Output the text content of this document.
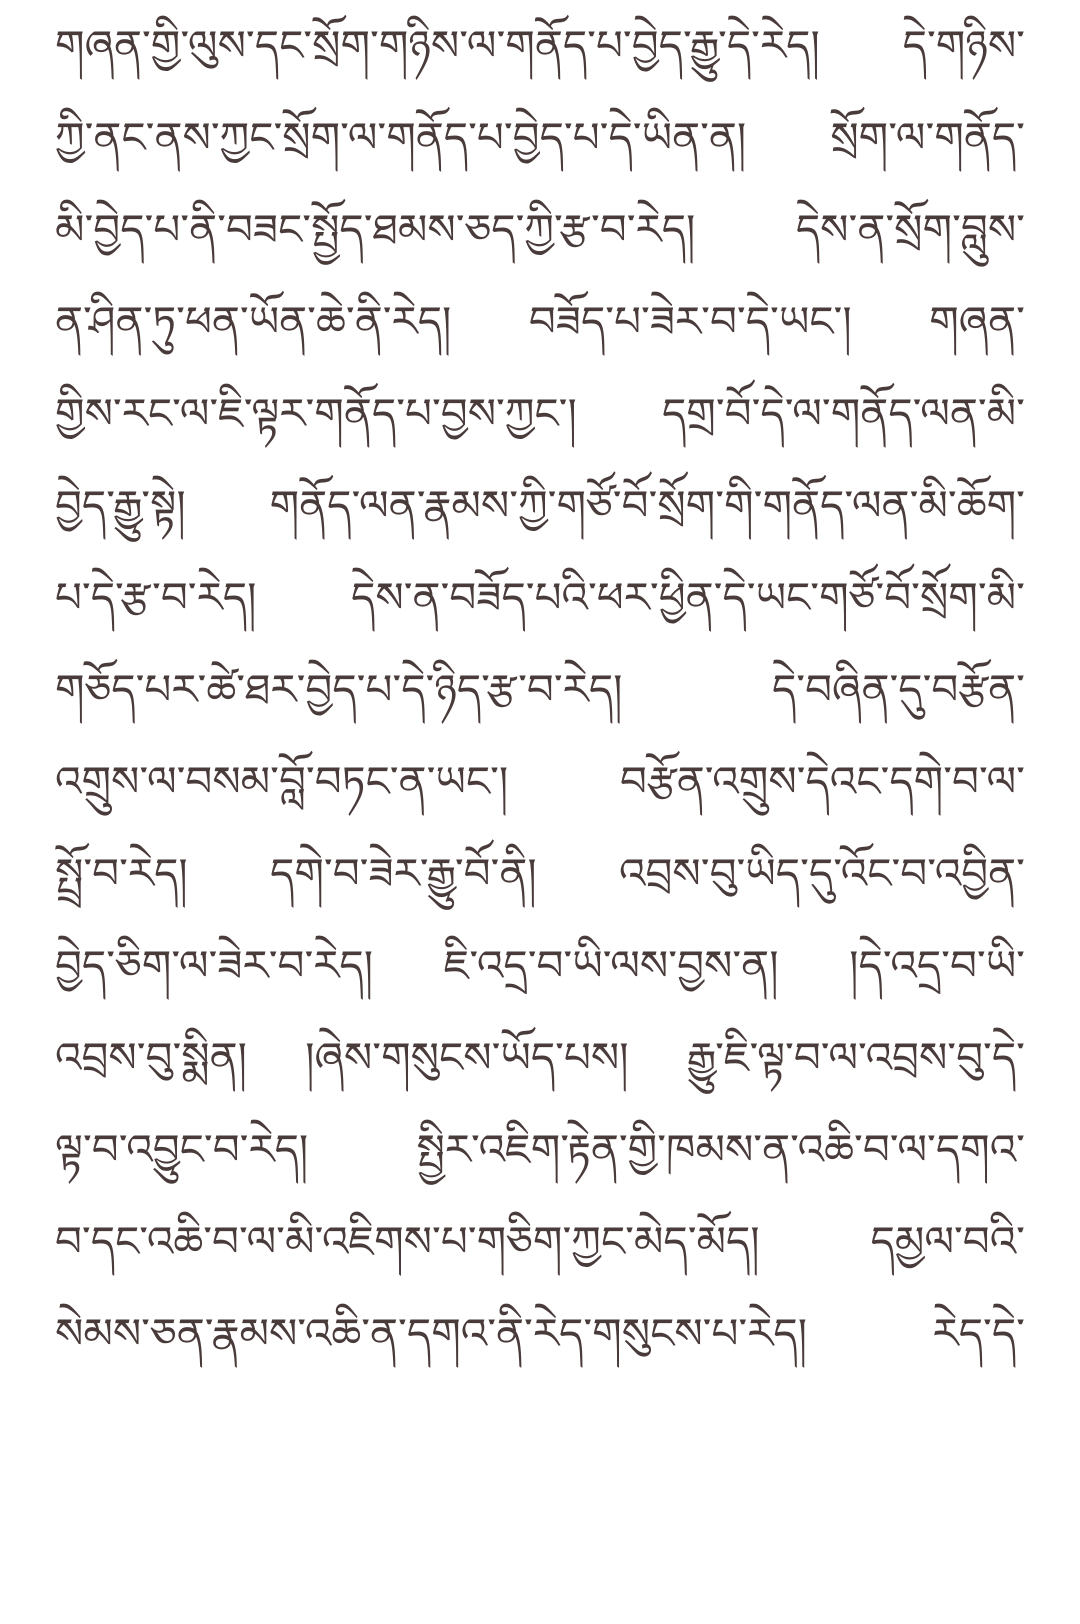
གཞན་གྱི་ལུས་དང་སྲོག་གཉིས་ལ་གནོད་པ་བྱེད་རྒྱུ་དེ་རེད། དེ་གཉིས་

ཀྱི་ནང་ནས་ཀྱང་སྲོག་ལ་གནོད་པ་བྱེད་པ་དེ་ཡིན་ན། སྲོག་ལ་གནོད་

མི་བྱེད་པ་ནི་བཟང་སྤྱོད་ཐམས་ཅད་ཀྱི་རྩ་བ་རེད། དེས་ན་སྲོག་བླུས་

ན་ཤིན་ཏུ་ཕན་ཡོན་ཆེ་ནི་རེད། བཟོད་པ་ཟེར་བ་དེ་ཡང་། གཞན་

གྱིས་རང་ལ་ཇི་ལྟར་གནོད་པ་བྱས་ཀྱང་། དགྲ་བོ་དེ་ལ་གནོད་ལན་མི་

བྱེད་རྒྱུ་སྟེ། གནོད་ལན་རྣམས་ཀྱི་གཙོ་བོ་སྲོག་གི་གནོད་ལན་མི་ཆོག་

པ་དེ་རྩ་བ་རེད། དེས་ན་བཟོད་པའི་ཕར་ཕྱིན་དེ་ཡང་གཙོ་བོ་སྲོག་མི་

གཅོད་པར་ཚེ་ཐར་བྱེད་པ་དེ་ཉིད་རྩ་བ་རེད། དེ་བཞིན་དུ་བརྩོན་

འགྲུས་ལ་བསམ་བློ་བཏང་ན་ཡང་། བརྩོན་འགྲུས་དེའང་དགེ་བ་ལ་

སྤྲོ་བ་རེད། དགེ་བ་ཟེར་རྒྱུ་བོ་ནི། འབྲས་བུ་ཡིད་དུ་འོང་བ་འབྱིན་

བྱེད་ཅིག་ལ་ཟེར་བ་རེད། ཇི་འདྲ་བ་ཡི་ལས་བྱས་ན། །དེ་འདྲ་བ་ཡི་

འབྲས་བུ་སྨིན། །ཞེས་གསུངས་ཡོད་པས། རྒྱུ་ཇི་ལྟ་བ་ལ་འབྲས་བུ་དེ་

ལྟ་བ་འབྱུང་བ་རེད། སྤྱིར་འཇིག་རྟེན་གྱི་ཁམས་ན་འཆི་བ་ལ་དགའ་

བ་དང་འཆི་བ་ལ་མི་འཇིགས་པ་གཅིག་ཀྱང་མེད་མོད། དམྱལ་བའི་

སེམས་ཅན་རྣམས་འཆི་ན་དགའ་ནི་རེད་གསུངས་པ་རེད། རེད་དེ་
